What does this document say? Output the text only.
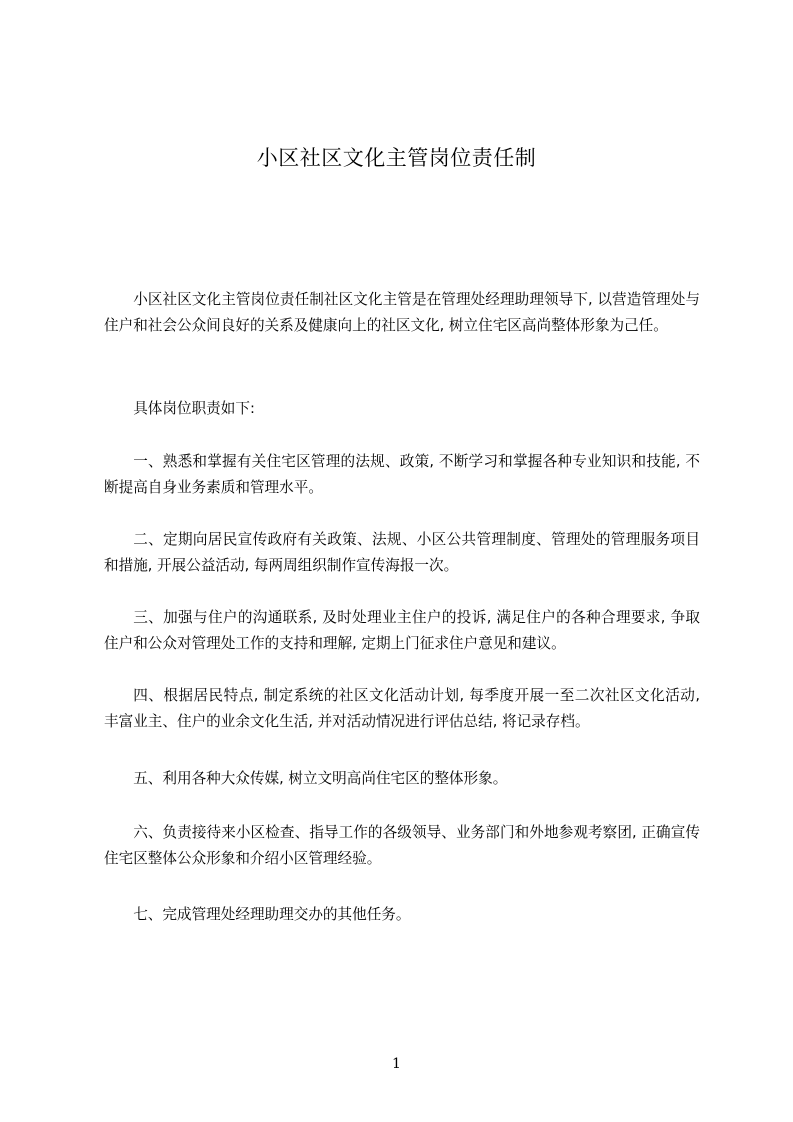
小区社区文化主管岗位责任制

小区社区文化主管岗位责任制社区文化主管是在管理处经理助理领导下, 以营造管理处与住户和社会公众间良好的关系及健康向上的社区文化, 树立住宅区高尚整体形象为己任。

具体岗位职责如下:

一、熟悉和掌握有关住宅区管理的法规、政策, 不断学习和掌握各种专业知识和技能, 不断提高自身业务素质和管理水平。

二、定期向居民宣传政府有关政策、法规、小区公共管理制度、管理处的管理服务项目和措施, 开展公益活动, 每两周组织制作宣传海报一次。

三、加强与住户的沟通联系, 及时处理业主住户的投诉, 满足住户的各种合理要求, 争取住户和公众对管理处工作的支持和理解, 定期上门征求住户意见和建议。

四、根据居民特点, 制定系统的社区文化活动计划, 每季度开展一至二次社区文化活动, 丰富业主、住户的业余文化生活, 并对活动情况进行评估总结, 将记录存档。

五、利用各种大众传媒, 树立文明高尚住宅区的整体形象。

六、负责接待来小区检查、指导工作的各级领导、业务部门和外地参观考察团, 正确宣传住宅区整体公众形象和介绍小区管理经验。

七、完成管理处经理助理交办的其他任务。

1
